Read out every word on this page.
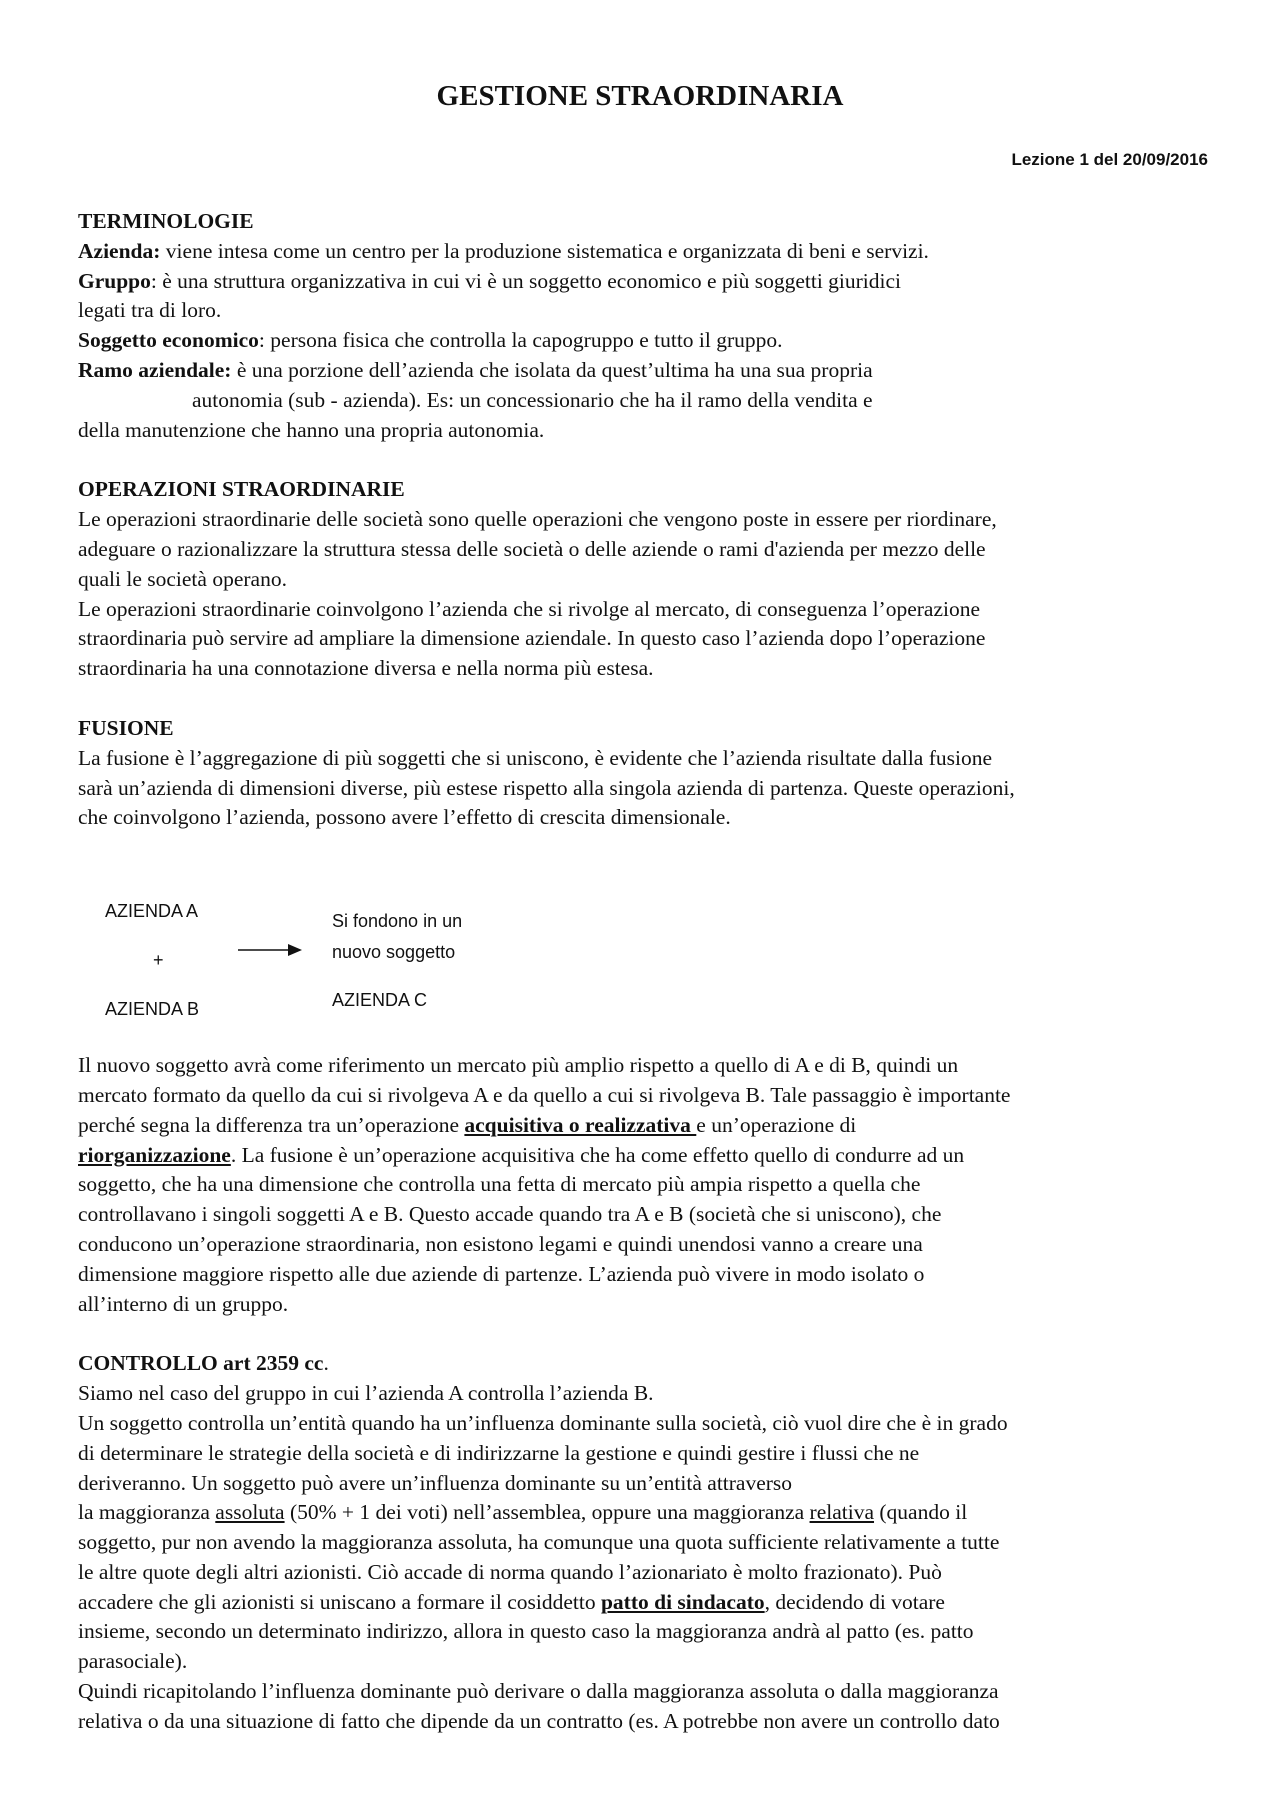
GESTIONE STRAORDINARIA
Lezione 1 del 20/09/2016

TERMINOLOGIE

Azienda: viene intesa come un centro per la produzione sistematica e organizzata di beni e servizi.

Gruppo: è una struttura organizzativa in cui vi è un soggetto economico e più soggetti giuridici

legati tra di loro.

Soggetto economico: persona fisica che controlla la capogruppo e tutto il gruppo.

Ramo aziendale: è una porzione dell’azienda che isolata da quest’ultima ha una sua propria

autonomia (sub - azienda). Es: un concessionario che ha il ramo della vendita e

della manutenzione che hanno una propria autonomia.

OPERAZIONI STRAORDINARIE

Le operazioni straordinarie delle società sono quelle operazioni che vengono poste in essere per riordinare,

adeguare o razionalizzare la struttura stessa delle società o delle aziende o rami d'azienda per mezzo delle

quali le società operano.

Le operazioni straordinarie coinvolgono l’azienda che si rivolge al mercato, di conseguenza l’operazione

straordinaria può servire ad ampliare la dimensione aziendale. In questo caso l’azienda dopo l’operazione

straordinaria ha una connotazione diversa e nella norma più estesa.

FUSIONE

La fusione è l’aggregazione di più soggetti che si uniscono, è evidente che l’azienda risultate dalla fusione

sarà un’azienda di dimensioni diverse, più estese rispetto alla singola azienda di partenza. Queste operazioni,

che coinvolgono l’azienda, possono avere l’effetto di crescita dimensionale.

AZIENDA A
+
AZIENDA B
Si fondono in un
nuovo soggetto
AZIENDA C

Il nuovo soggetto avrà come riferimento un mercato più amplio rispetto a quello di A e di B, quindi un

mercato formato da quello da cui si rivolgeva A e da quello a cui si rivolgeva B. Tale passaggio è importante

perché segna la differenza tra un’operazione acquisitiva o realizzativa e un’operazione di

riorganizzazione. La fusione è un’operazione acquisitiva che ha come effetto quello di condurre ad un

soggetto, che ha una dimensione che controlla una fetta di mercato più ampia rispetto a quella che

controllavano i singoli soggetti A e B. Questo accade quando tra A e B (società che si uniscono), che

conducono un’operazione straordinaria, non esistono legami e quindi unendosi vanno a creare una

dimensione maggiore rispetto alle due aziende di partenze. L’azienda può vivere in modo isolato o

all’interno di un gruppo.

CONTROLLO art 2359 cc.

Siamo nel caso del gruppo in cui l’azienda A controlla l’azienda B.

Un soggetto controlla un’entità quando ha un’influenza dominante sulla società, ciò vuol dire che è in grado

di determinare le strategie della società e di indirizzarne la gestione e quindi gestire i flussi che ne

deriveranno. Un soggetto può avere un’influenza dominante su un’entità attraverso

la maggioranza assoluta (50% + 1 dei voti) nell’assemblea, oppure una maggioranza relativa (quando il

soggetto, pur non avendo la maggioranza assoluta, ha comunque una quota sufficiente relativamente a tutte

le altre quote degli altri azionisti. Ciò accade di norma quando l’azionariato è molto frazionato). Può

accadere che gli azionisti si uniscano a formare il cosiddetto patto di sindacato, decidendo di votare

insieme, secondo un determinato indirizzo, allora in questo caso la maggioranza andrà al patto (es. patto

parasociale).

Quindi ricapitolando l’influenza dominante può derivare o dalla maggioranza assoluta o dalla maggioranza

relativa o da una situazione di fatto che dipende da un contratto (es. A potrebbe non avere un controllo dato
